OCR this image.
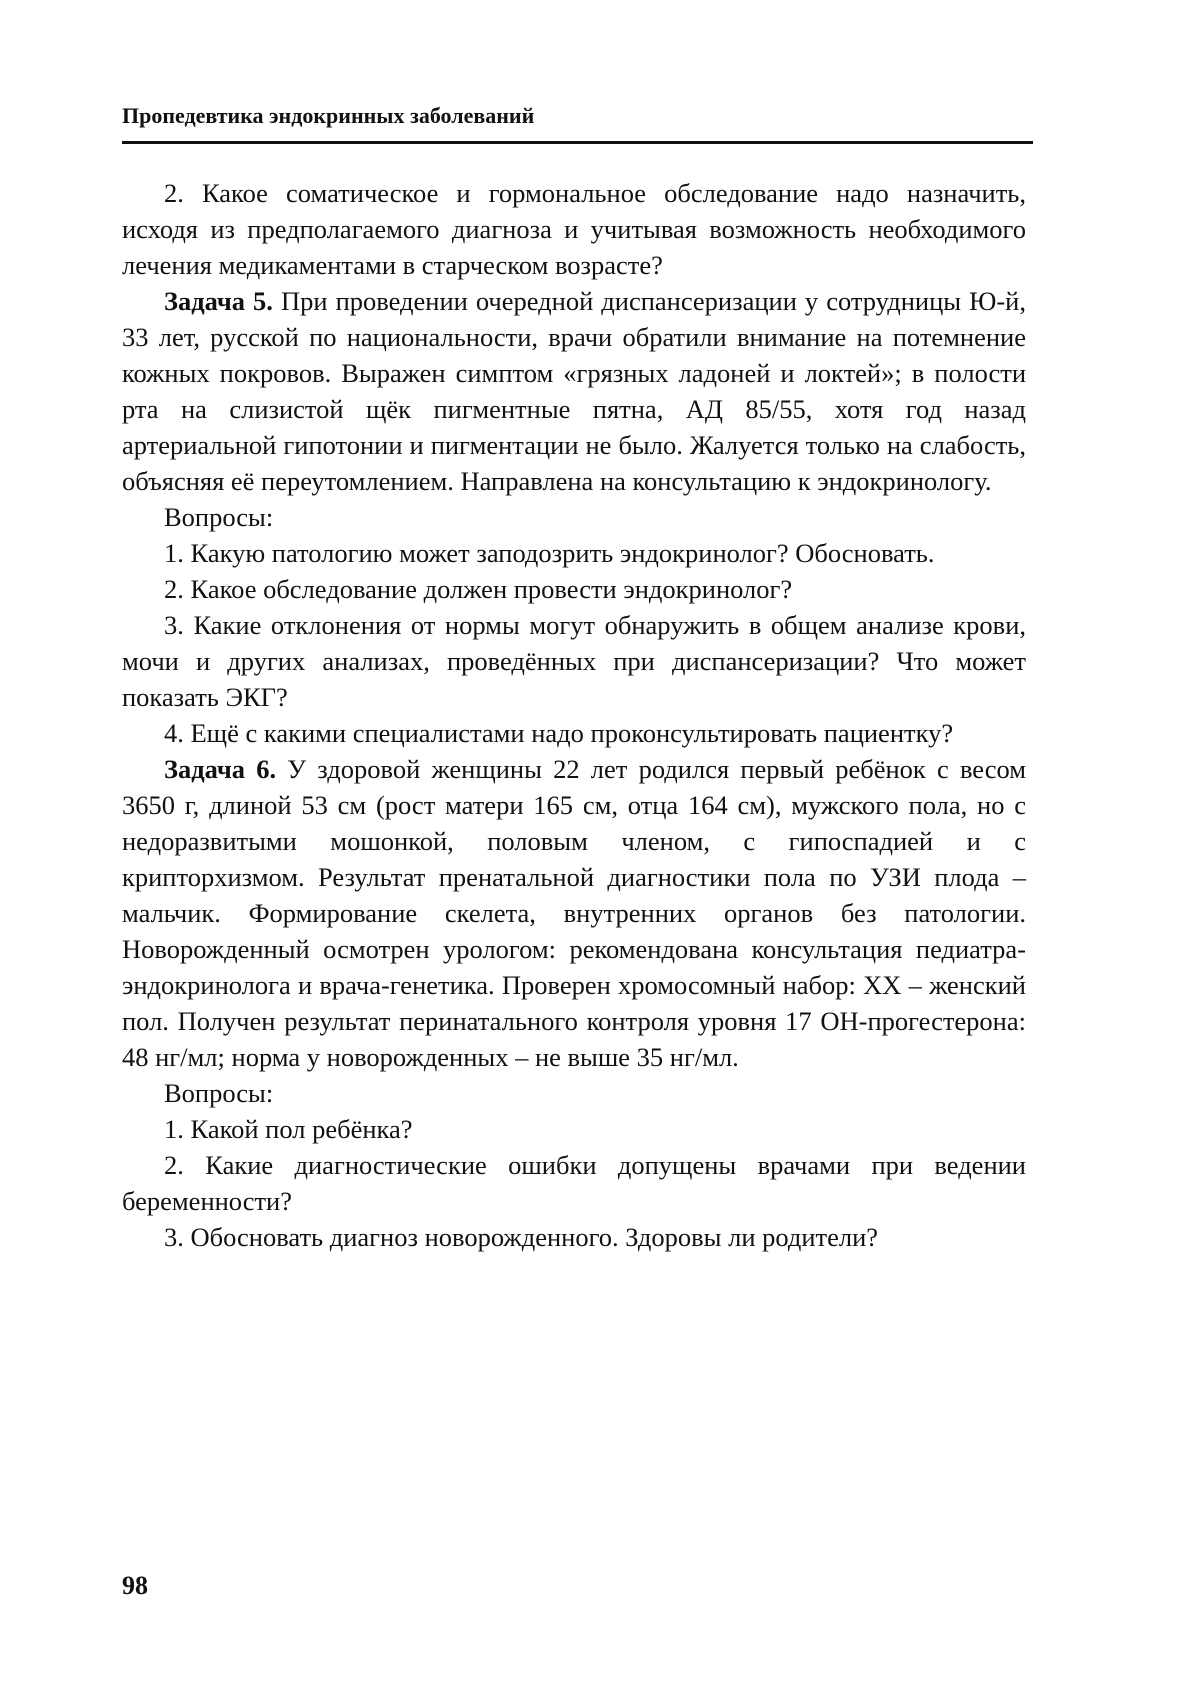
Пропедевтика эндокринных заболеваний

2. Какое соматическое и гормональное обследование надо назначить, исходя из предполагаемого диагноза и учитывая возможность необходимого лечения медикаментами в старческом возрасте?

Задача 5. При проведении очередной диспансеризации у сотрудницы Ю-й, 33 лет, русской по национальности, врачи обратили внимание на потемнение кожных покровов. Выражен симптом «грязных ладоней и локтей»; в полости рта на слизистой щёк пигментные пятна, АД 85/55, хотя год назад артериальной гипотонии и пигментации не было. Жалуется только на слабость, объясняя её переутомлением. Направлена на консультацию к эндокринологу.

Вопросы:

1. Какую патологию может заподозрить эндокринолог? Обосновать.

2. Какое обследование должен провести эндокринолог?

3. Какие отклонения от нормы могут обнаружить в общем анализе крови, мочи и других анализах, проведённых при диспансеризации? Что может показать ЭКГ?

4. Ещё с какими специалистами надо проконсультировать пациентку?

Задача 6. У здоровой женщины 22 лет родился первый ребёнок с весом 3650 г, длиной 53 см (рост матери 165 см, отца 164 см), мужского пола, но с недоразвитыми мошонкой, половым членом, с гипоспадией и с крипторхизмом. Результат пренатальной диагностики пола по УЗИ плода – мальчик. Формирование скелета, внутренних органов без патологии. Новорожденный осмотрен урологом: рекомендована консультация педиатра-эндокринолога и врача-генетика. Проверен хромосомный набор: XX – женский пол. Получен результат перинатального контроля уровня 17 ОН-прогестерона: 48 нг/мл; норма у новорожденных – не выше 35 нг/мл.

Вопросы:

1. Какой пол ребёнка?

2. Какие диагностические ошибки допущены врачами при ведении беременности?

3. Обосновать диагноз новорожденного. Здоровы ли родители?

98
